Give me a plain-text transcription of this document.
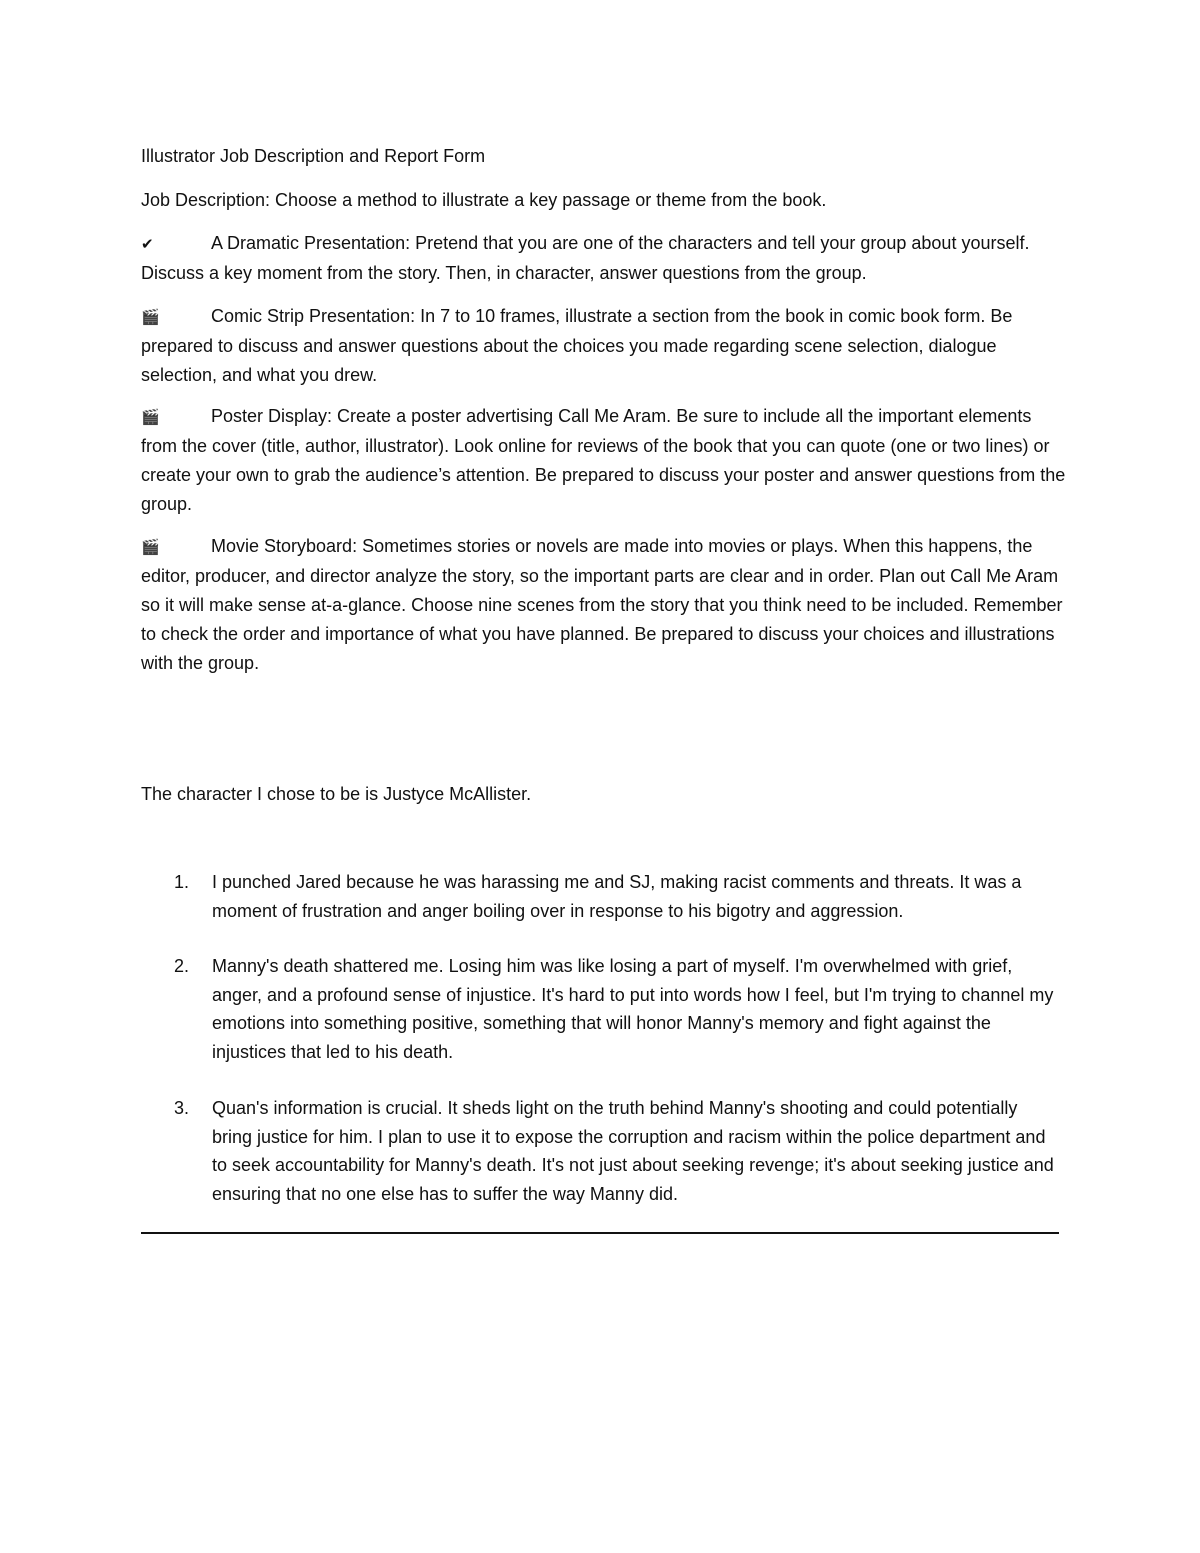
Illustrator Job Description and Report Form

Job Description: Choose a method to illustrate a key passage or theme from the book.

✔	A Dramatic Presentation: Pretend that you are one of the characters and tell your group about yourself. Discuss a key moment from the story. Then, in character, answer questions from the group.

🎬	Comic Strip Presentation: In 7 to 10 frames, illustrate a section from the book in comic book form. Be prepared to discuss and answer questions about the choices you made regarding scene selection, dialogue selection, and what you drew.

🎬	Poster Display: Create a poster advertising Call Me Aram. Be sure to include all the important elements from the cover (title, author, illustrator). Look online for reviews of the book that you can quote (one or two lines) or create your own to grab the audience’s attention. Be prepared to discuss your poster and answer questions from the group.

🎬	Movie Storyboard: Sometimes stories or novels are made into movies or plays. When this happens, the editor, producer, and director analyze the story, so the important parts are clear and in order. Plan out Call Me Aram so it will make sense at-a-glance. Choose nine scenes from the story that you think need to be included. Remember to check the order and importance of what you have planned. Be prepared to discuss your choices and illustrations with the group.

The character I chose to be is Justyce McAllister.

1.	I punched Jared because he was harassing me and SJ, making racist comments and threats. It was a moment of frustration and anger boiling over in response to his bigotry and aggression.
2.	Manny's death shattered me. Losing him was like losing a part of myself. I'm overwhelmed with grief, anger, and a profound sense of injustice. It's hard to put into words how I feel, but I'm trying to channel my emotions into something positive, something that will honor Manny's memory and fight against the injustices that led to his death.
3.	Quan's information is crucial. It sheds light on the truth behind Manny's shooting and could potentially bring justice for him. I plan to use it to expose the corruption and racism within the police department and to seek accountability for Manny's death. It's not just about seeking revenge; it's about seeking justice and ensuring that no one else has to suffer the way Manny did.
